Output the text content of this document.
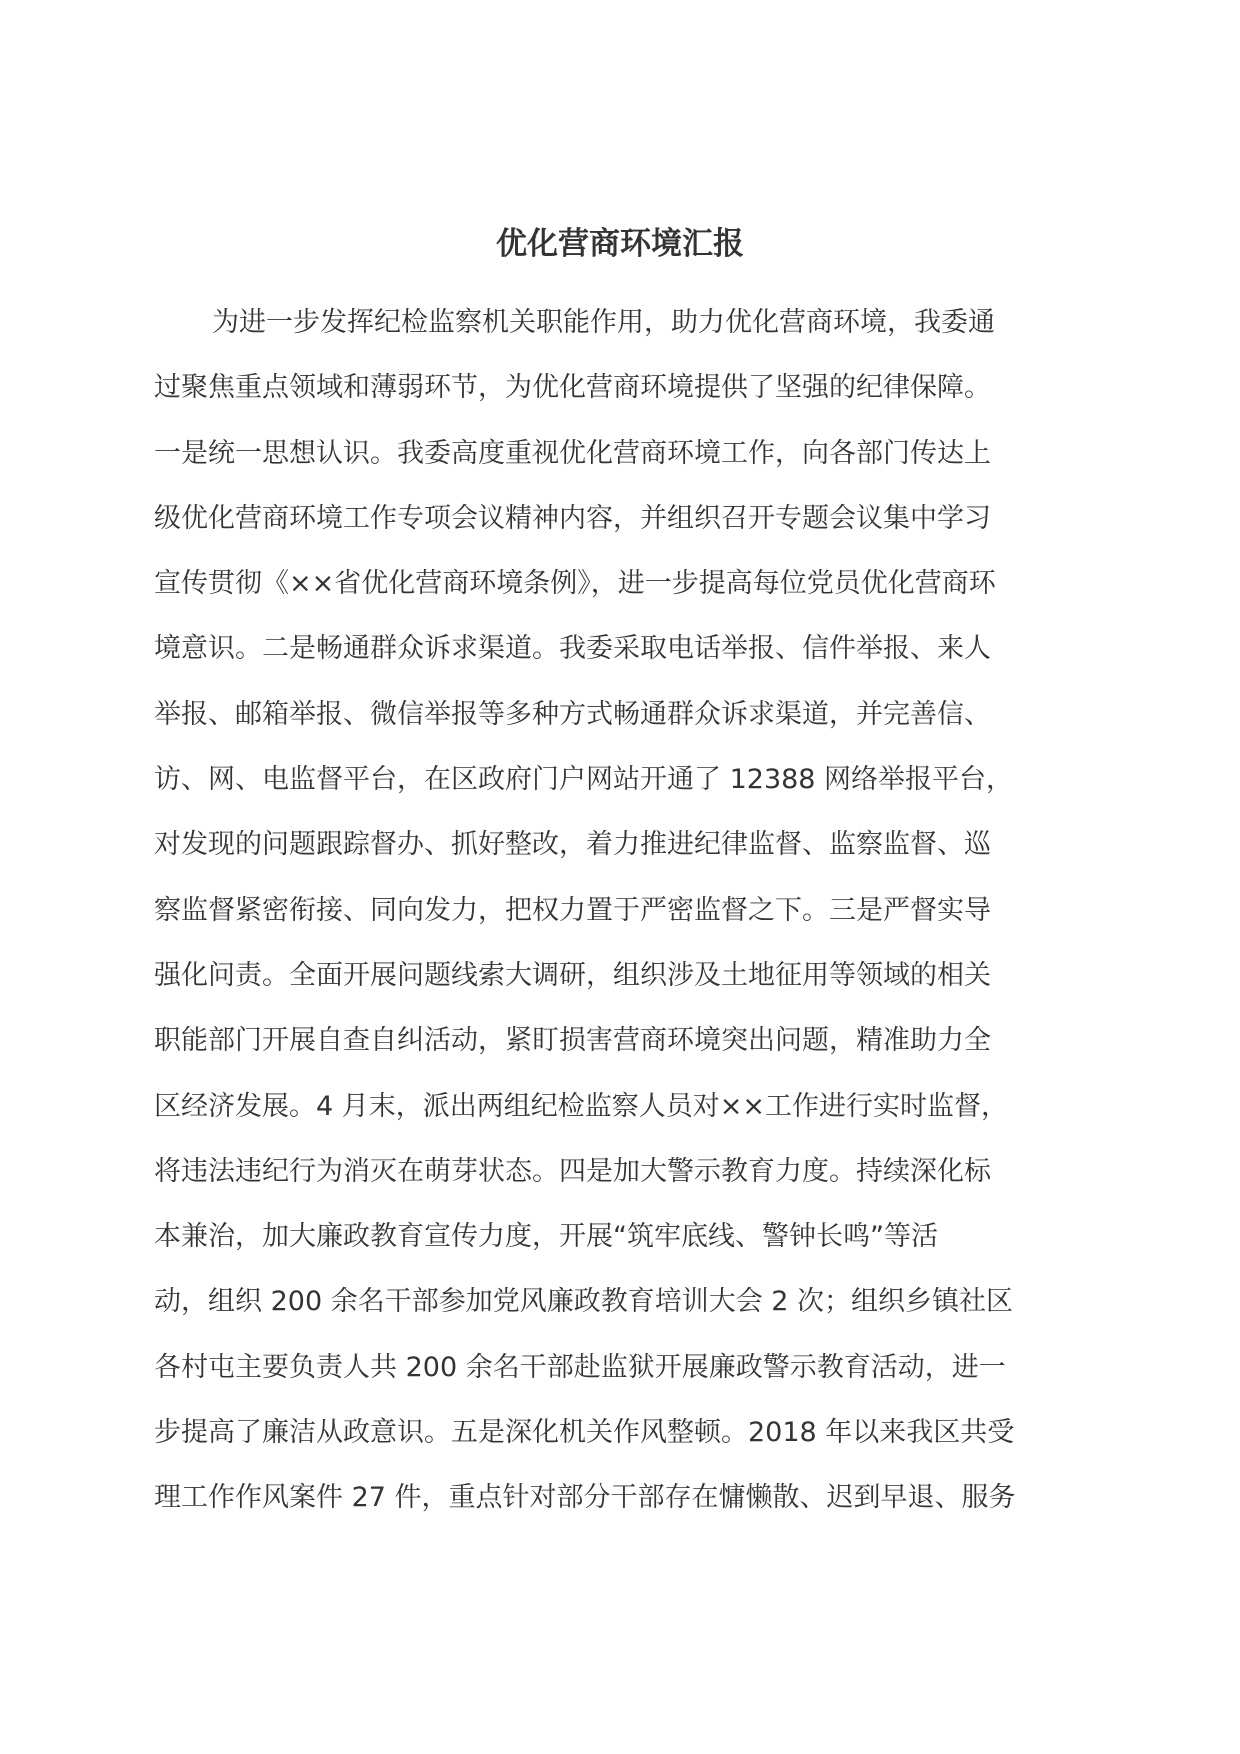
优化营商环境汇报
为进一步发挥纪检监察机关职能作用，助力优化营商环境，我委通
过聚焦重点领域和薄弱环节，为优化营商环境提供了坚强的纪律保障。
一是统一思想认识。我委高度重视优化营商环境工作，向各部门传达上
级优化营商环境工作专项会议精神内容，并组织召开专题会议集中学习
宣传贯彻《××省优化营商环境条例》，进一步提高每位党员优化营商环
境意识。二是畅通群众诉求渠道。我委采取电话举报、信件举报、来人
举报、邮箱举报、微信举报等多种方式畅通群众诉求渠道，并完善信、
访、网、电监督平台，在区政府门户网站开通了 12388 网络举报平台，
对发现的问题跟踪督办、抓好整改，着力推进纪律监督、监察监督、巡
察监督紧密衔接、同向发力，把权力置于严密监督之下。三是严督实导
强化问责。全面开展问题线索大调研，组织涉及土地征用等领域的相关
职能部门开展自查自纠活动，紧盯损害营商环境突出问题，精准助力全
区经济发展。4 月末，派出两组纪检监察人员对××工作进行实时监督，
将违法违纪行为消灭在萌芽状态。四是加大警示教育力度。持续深化标
本兼治，加大廉政教育宣传力度，开展“筑牢底线、警钟长鸣”等活
动，组织 200 余名干部参加党风廉政教育培训大会 2 次；组织乡镇社区
各村屯主要负责人共 200 余名干部赴监狱开展廉政警示教育活动，进一
步提高了廉洁从政意识。五是深化机关作风整顿。2018 年以来我区共受
理工作作风案件 27 件，重点针对部分干部存在慵懒散、迟到早退、服务
